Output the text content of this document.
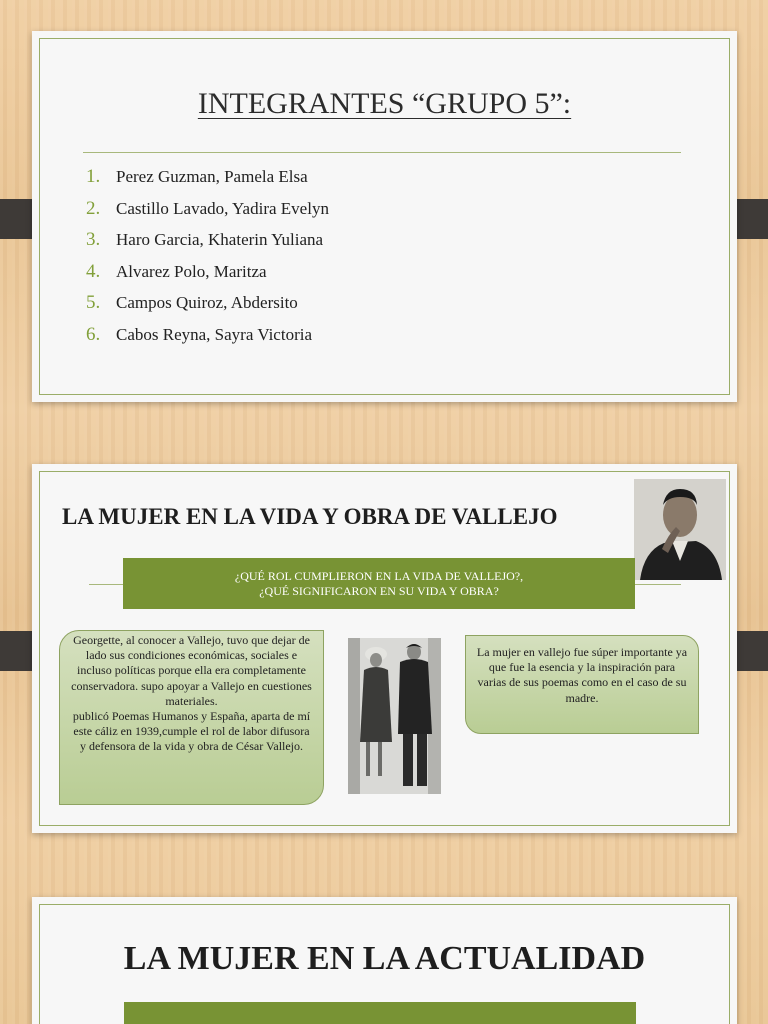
INTEGRANTES “GRUPO 5”:
1. Perez Guzman, Pamela Elsa
2. Castillo Lavado, Yadira Evelyn
3. Haro Garcia, Khaterin Yuliana
4. Alvarez Polo, Maritza
5. Campos Quiroz, Abdersito
6. Cabos Reyna, Sayra Victoria
LA MUJER EN LA VIDA Y OBRA DE VALLEJO
¿QUÉ ROL CUMPLIERON EN LA VIDA DE VALLEJO?,
¿QUÉ SIGNIFICARON EN SU VIDA Y OBRA?
Georgette, al conocer a Vallejo, tuvo que dejar de lado sus condiciones económicas, sociales e incluso políticas porque ella era completamente conservadora. supo apoyar a Vallejo en cuestiones materiales.
publicó Poemas Humanos y España, aparta de mí este cáliz en 1939,cumple el rol de labor difusora y defensora de la vida y obra de César Vallejo.
La mujer en vallejo fue súper importante ya que fue la esencia y la inspiración para varias de sus poemas como en el caso de su madre.
LA MUJER EN LA ACTUALIDAD
